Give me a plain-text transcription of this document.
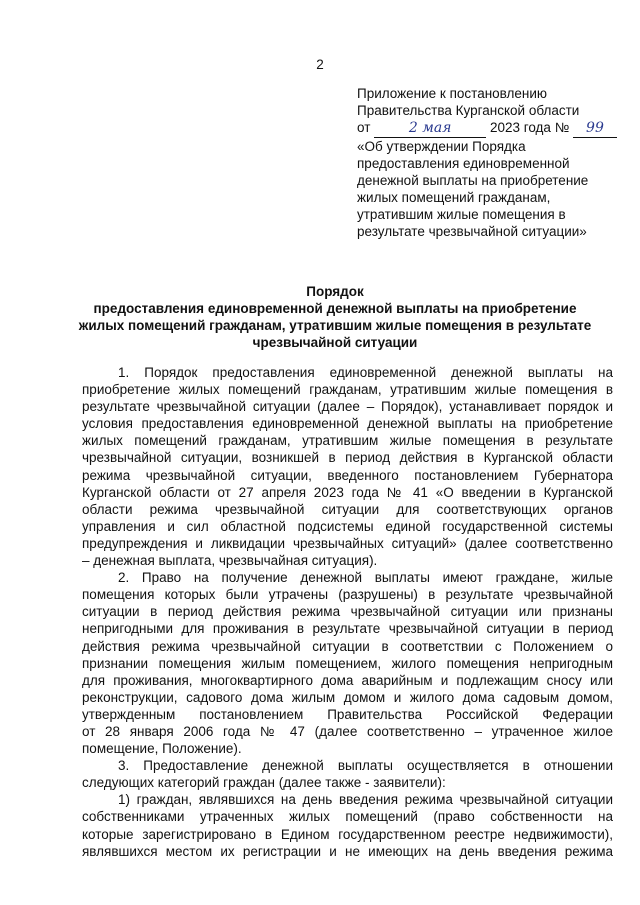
2
Приложение к постановлению
Правительства Курганской области
от	2 мая	2023 года № 99
«Об утверждении Порядка
предоставления единовременной
денежной выплаты на приобретение
жилых помещений гражданам,
утратившим жилые помещения в
результате чрезвычайной ситуации»
Порядок
предоставления единовременной денежной выплаты на приобретение
жилых помещений гражданам, утратившим жилые помещения в результате
чрезвычайной ситуации
1. Порядок предоставления единовременной денежной выплаты на
приобретение жилых помещений гражданам, утратившим жилые помещения в
результате чрезвычайной ситуации (далее – Порядок), устанавливает порядок и
условия предоставления единовременной денежной выплаты на приобретение
жилых помещений гражданам, утратившим жилые помещения в результате
чрезвычайной ситуации, возникшей в период действия в Курганской области
режима чрезвычайной ситуации, введенного постановлением Губернатора
Курганской области от 27 апреля 2023 года № 41 «О введении в Курганской
области режима чрезвычайной ситуации для соответствующих органов
управления и сил областной подсистемы единой государственной системы
предупреждения и ликвидации чрезвычайных ситуаций» (далее соответственно
– денежная выплата, чрезвычайная ситуация).
2. Право на получение денежной выплаты имеют граждане, жилые
помещения которых были утрачены (разрушены) в результате чрезвычайной
ситуации в период действия режима чрезвычайной ситуации или признаны
непригодными для проживания в результате чрезвычайной ситуации в период
действия режима чрезвычайной ситуации в соответствии с Положением о
признании помещения жилым помещением, жилого помещения непригодным
для проживания, многоквартирного дома аварийным и подлежащим сносу или
реконструкции, садового дома жилым домом и жилого дома садовым домом,
утвержденным постановлением Правительства Российской Федерации
от 28 января 2006 года № 47 (далее соответственно – утраченное жилое
помещение, Положение).
3. Предоставление денежной выплаты осуществляется в отношении
следующих категорий граждан (далее также - заявители):
1) граждан, являвшихся на день введения режима чрезвычайной ситуации
собственниками утраченных жилых помещений (право собственности на
которые зарегистрировано в Едином государственном реестре недвижимости),
являвшихся местом их регистрации и не имеющих на день введения режима
